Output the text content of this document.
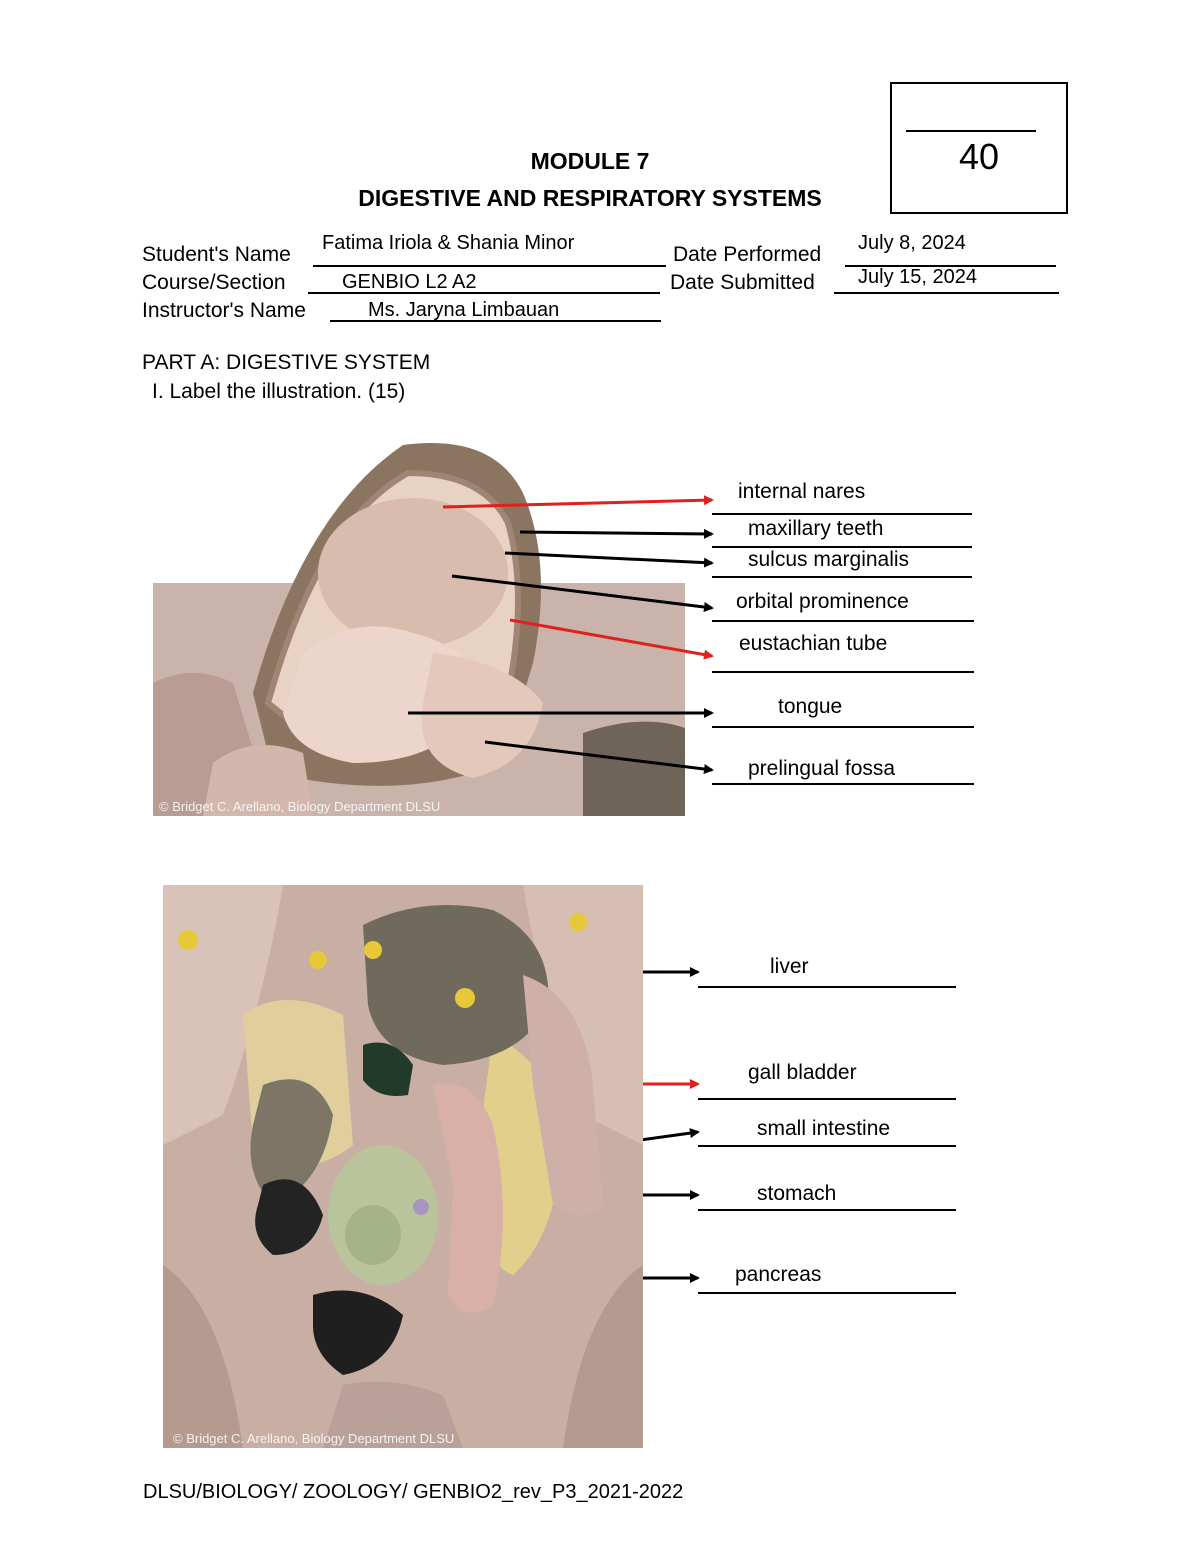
40
MODULE 7
DIGESTIVE AND RESPIRATORY SYSTEMS
Student's Name Fatima Iriola & Shania Minor	Date Performed July 8, 2024
Course/Section	GENBIO L2 A2	Date Submitted July 15, 2024
Instructor's Name	Ms. Jaryna Limbauan
PART A: DIGESTIVE SYSTEM
I. Label the illustration. (15)
© Bridget C. Arellano, Biology Department DLSU
internal nares
maxillary teeth
sulcus marginalis
orbital prominence
eustachian tube
tongue
prelingual fossa
© Bridget C. Arellano, Biology Department DLSU
liver
gall bladder
small intestine
stomach
pancreas
DLSU/BIOLOGY/ ZOOLOGY/ GENBIO2_rev_P3_2021-2022
